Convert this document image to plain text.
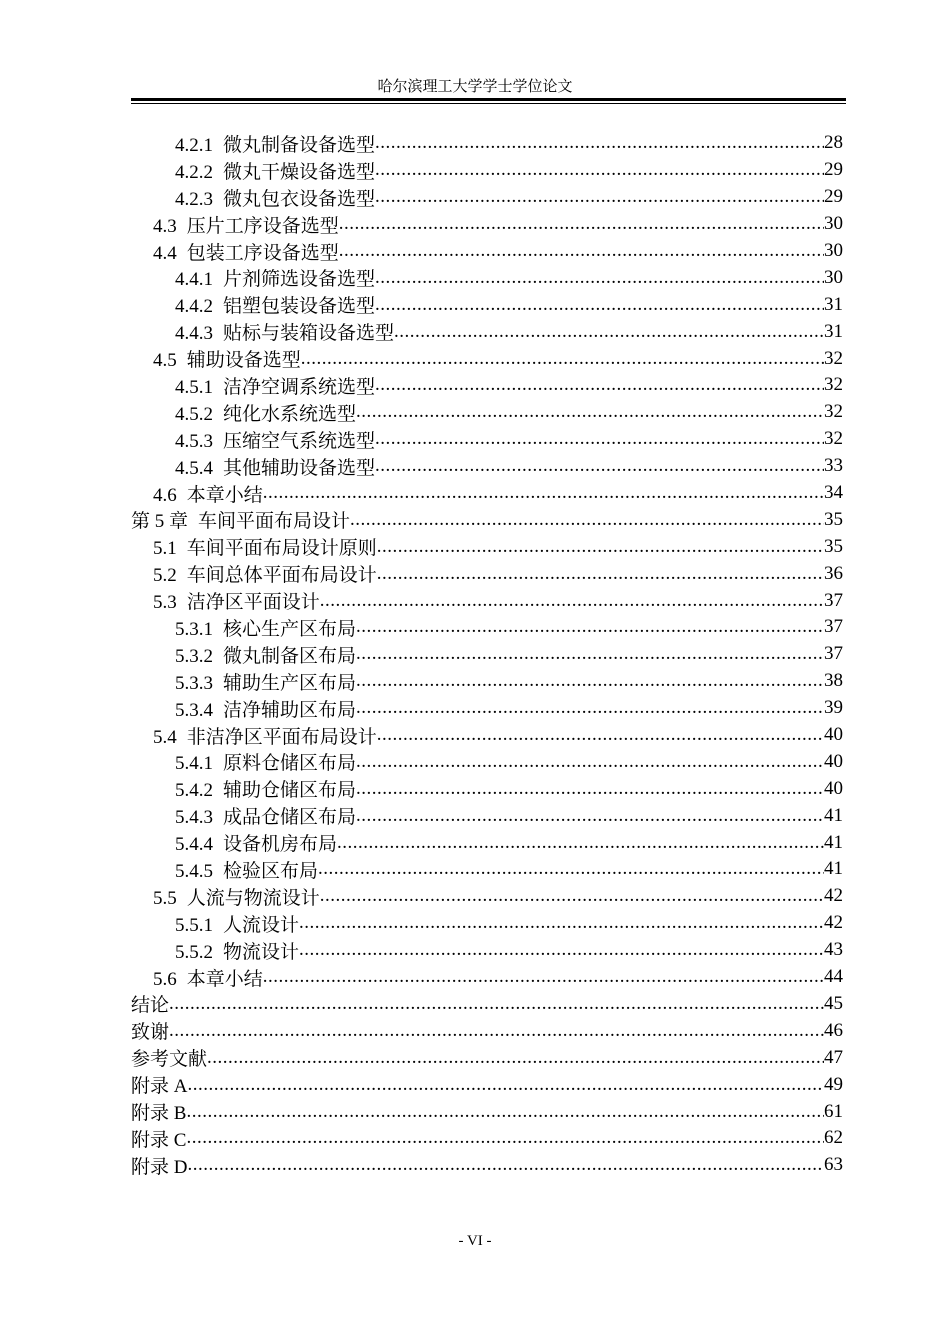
哈尔滨理工大学学士学位论文
4.2.1 微丸制备设备选型 .....	28
4.2.2 微丸干燥设备选型 .....	29
4.2.3 微丸包衣设备选型 .....	29
4.3 压片工序设备选型 .....	30
4.4 包装工序设备选型 .....	30
4.4.1 片剂筛选设备选型 .....	30
4.4.2 铝塑包装设备选型 .....	31
4.4.3 贴标与装箱设备选型 .....	31
4.5 辅助设备选型 .....	32
4.5.1 洁净空调系统选型 .....	32
4.5.2 纯化水系统选型 .....	32
4.5.3 压缩空气系统选型 .....	32
4.5.4 其他辅助设备选型 .....	33
4.6 本章小结 .....	34
第 5 章 车间平面布局设计 .....	35
5.1 车间平面布局设计原则 .....	35
5.2 车间总体平面布局设计 .....	36
5.3 洁净区平面设计 .....	37
5.3.1 核心生产区布局 .....	37
5.3.2 微丸制备区布局 .....	37
5.3.3 辅助生产区布局 .....	38
5.3.4 洁净辅助区布局 .....	39
5.4 非洁净区平面布局设计 .....	40
5.4.1 原料仓储区布局 .....	40
5.4.2 辅助仓储区布局 .....	40
5.4.3 成品仓储区布局 .....	41
5.4.4 设备机房布局 .....	41
5.4.5 检验区布局 .....	41
5.5 人流与物流设计 .....	42
5.5.1 人流设计 .....	42
5.5.2 物流设计 .....	43
5.6 本章小结 .....	44
结论 .....	45
致谢 .....	46
参考文献 .....	47
附录 A .....	49
附录 B .....	61
附录 C .....	62
附录 D .....	63
- VI -
